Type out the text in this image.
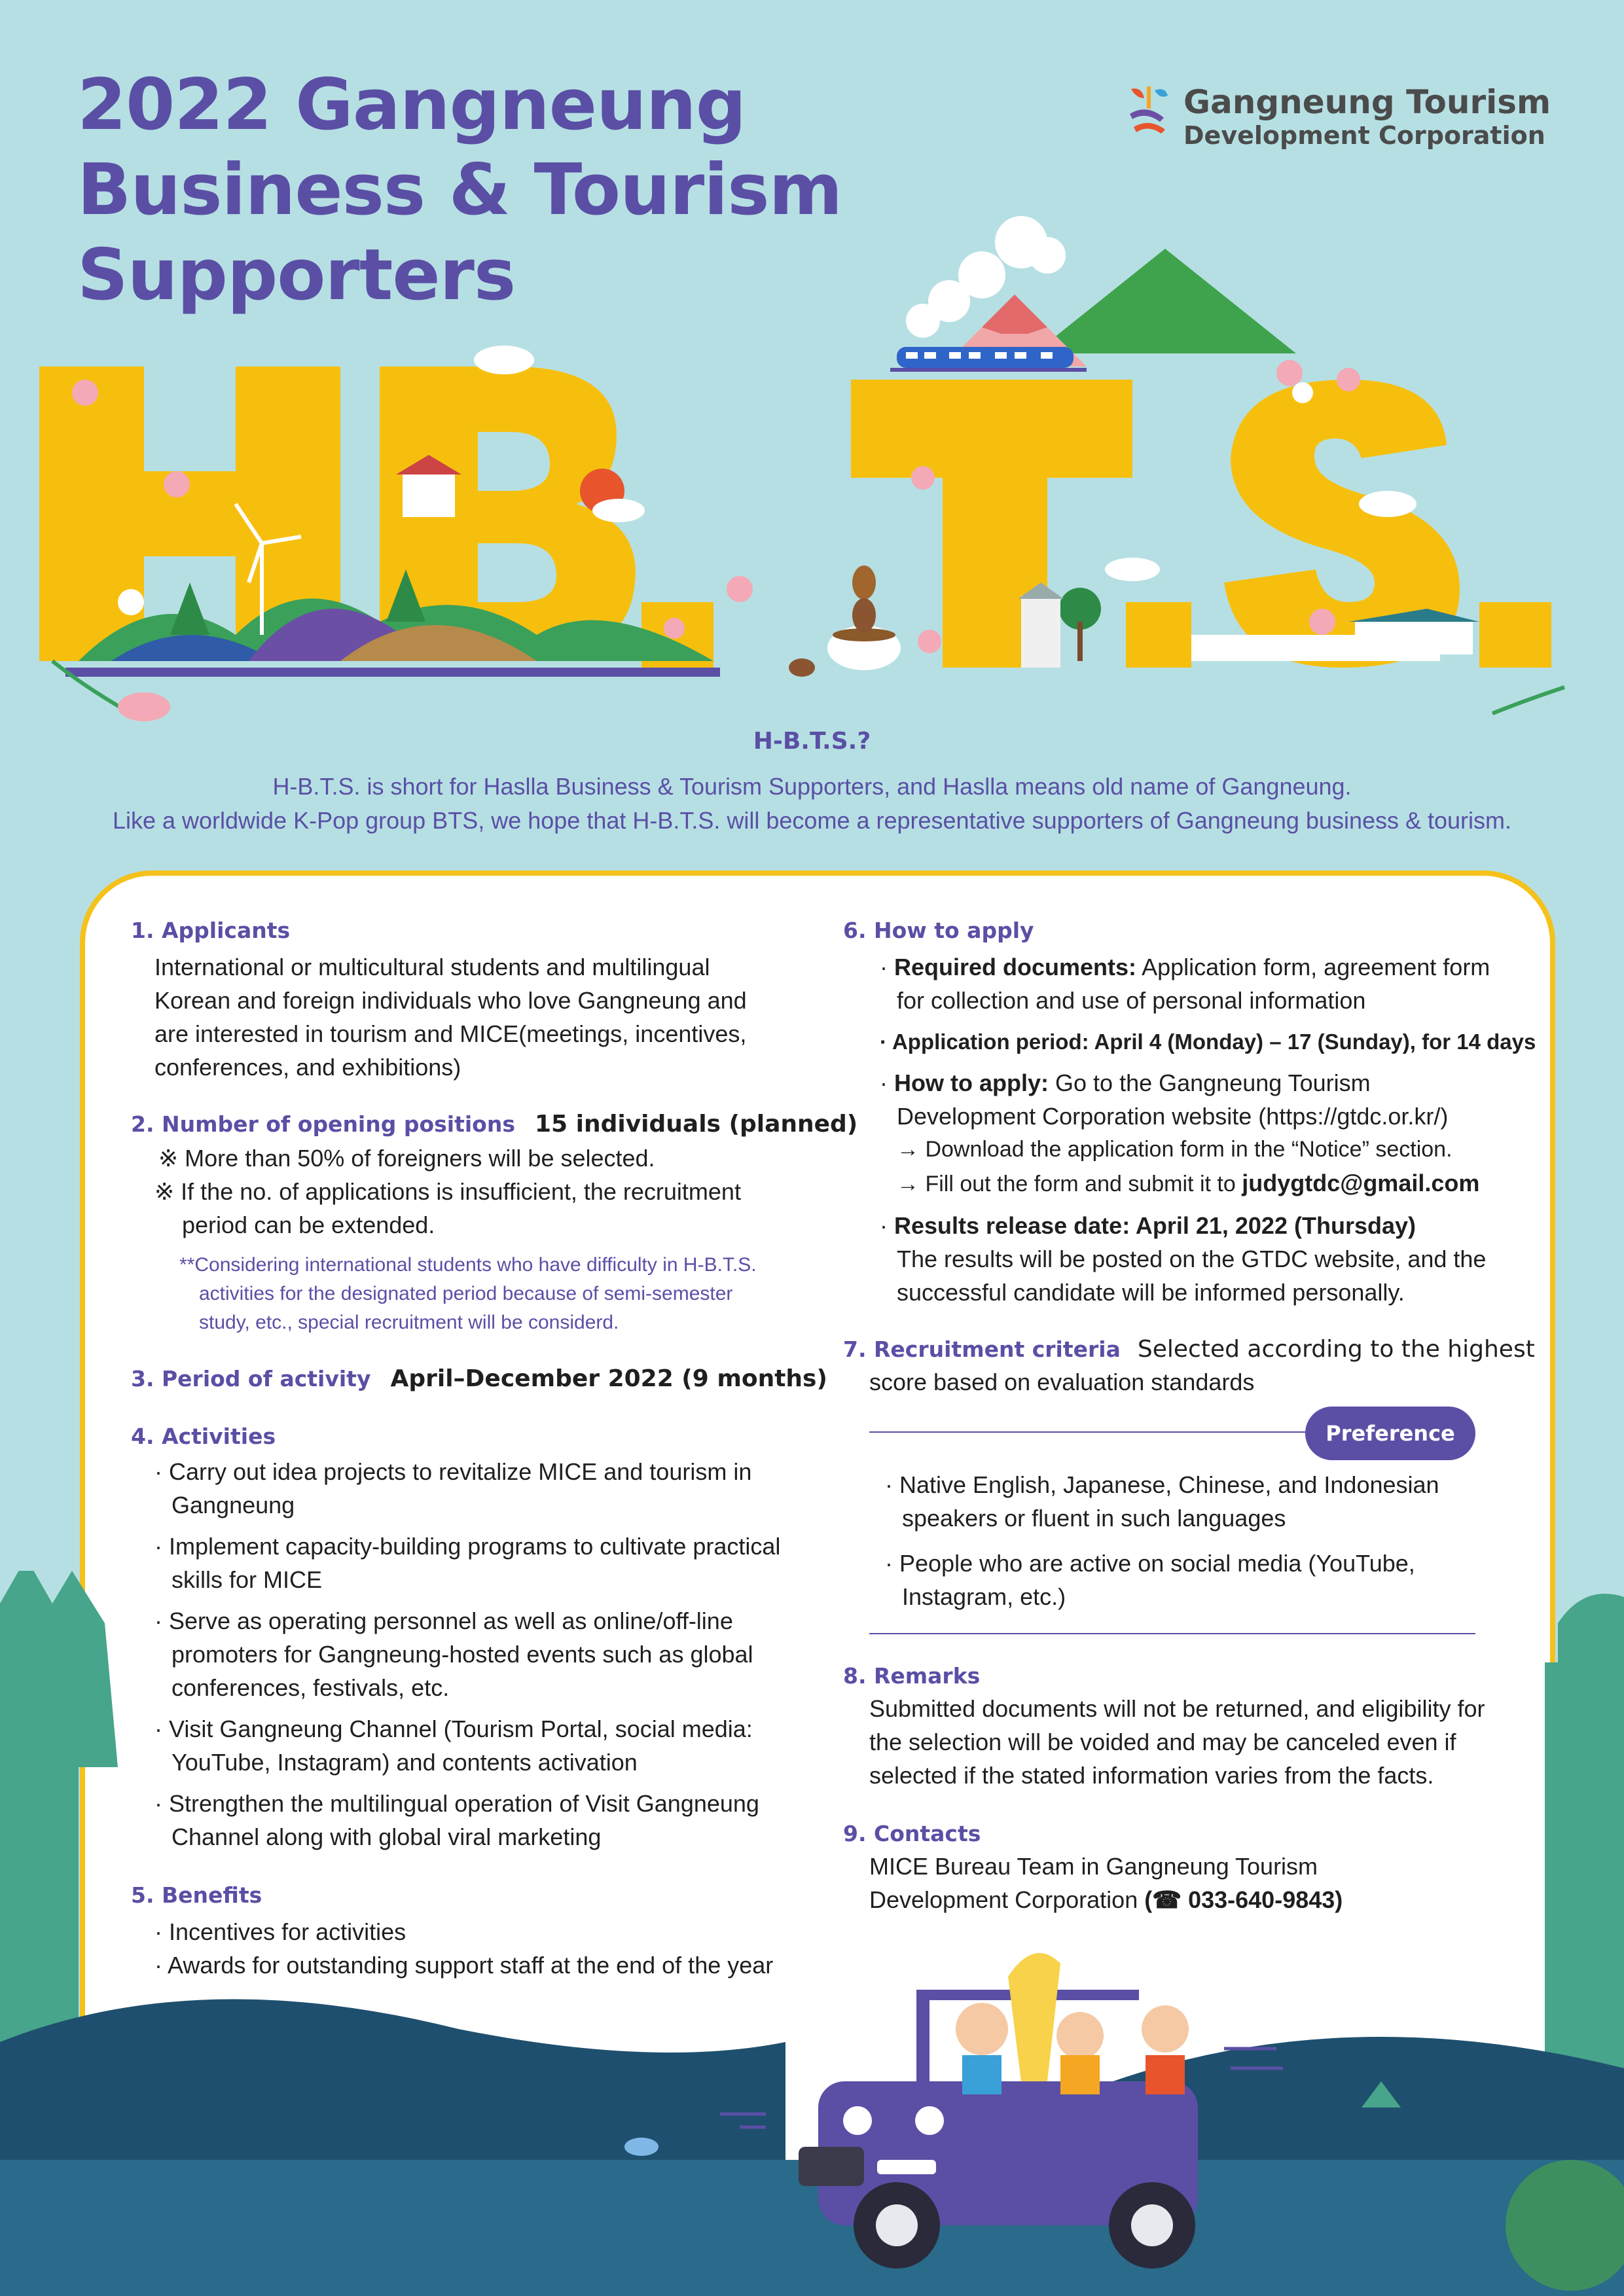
2022 Gangneung
Business & Tourism
Supporters
Gangneung Tourism
Development Corporation
H-B.T.S.?
H-B.T.S. is short for Haslla Business & Tourism Supporters, and Haslla means old name of Gangneung.
Like a worldwide K-Pop group BTS, we hope that H-B.T.S. will become a representative supporters of Gangneung business & tourism.
1. Applicants
International or multicultural students and multilingual Korean and foreign individuals who love Gangneung and are interested in tourism and MICE(meetings, incentives, conferences, and exhibitions)
2. Number of opening positions 15 individuals (planned)
※ More than 50% of foreigners will be selected.
※ If the no. of applications is insufficient, the recruitment period can be extended.
**Considering international students who have difficulty in H-B.T.S. activities for the designated period because of semi-semester study, etc., special recruitment will be considerd.
3. Period of activity April–December 2022 (9 months)
4. Activities
· Carry out idea projects to revitalize MICE and tourism in Gangneung
· Implement capacity-building programs to cultivate practical skills for MICE
· Serve as operating personnel as well as online/off-line promoters for Gangneung-hosted events such as global conferences, festivals, etc.
· Visit Gangneung Channel (Tourism Portal, social media: YouTube, Instagram) and contents activation
· Strengthen the multilingual operation of Visit Gangneung Channel along with global viral marketing
5. Benefits
· Incentives for activities
· Awards for outstanding support staff at the end of the year
6. How to apply
· Required documents: Application form, agreement form for collection and use of personal information
· Application period: April 4 (Monday) – 17 (Sunday), for 14 days
· How to apply: Go to the Gangneung Tourism Development Corporation website (https://gtdc.or.kr/)
→ Download the application form in the “Notice” section.
→ Fill out the form and submit it to judygtdc@gmail.com
· Results release date: April 21, 2022 (Thursday)
The results will be posted on the GTDC website, and the successful candidate will be informed personally.
7. Recruitment criteria Selected according to the highest
score based on evaluation standards
Preference
· Native English, Japanese, Chinese, and Indonesian speakers or fluent in such languages
· People who are active on social media (YouTube, Instagram, etc.)
8. Remarks
Submitted documents will not be returned, and eligibility for the selection will be voided and may be canceled even if selected if the stated information varies from the facts.
9. Contacts
MICE Bureau Team in Gangneung Tourism
Development Corporation (☎ 033-640-9843)
